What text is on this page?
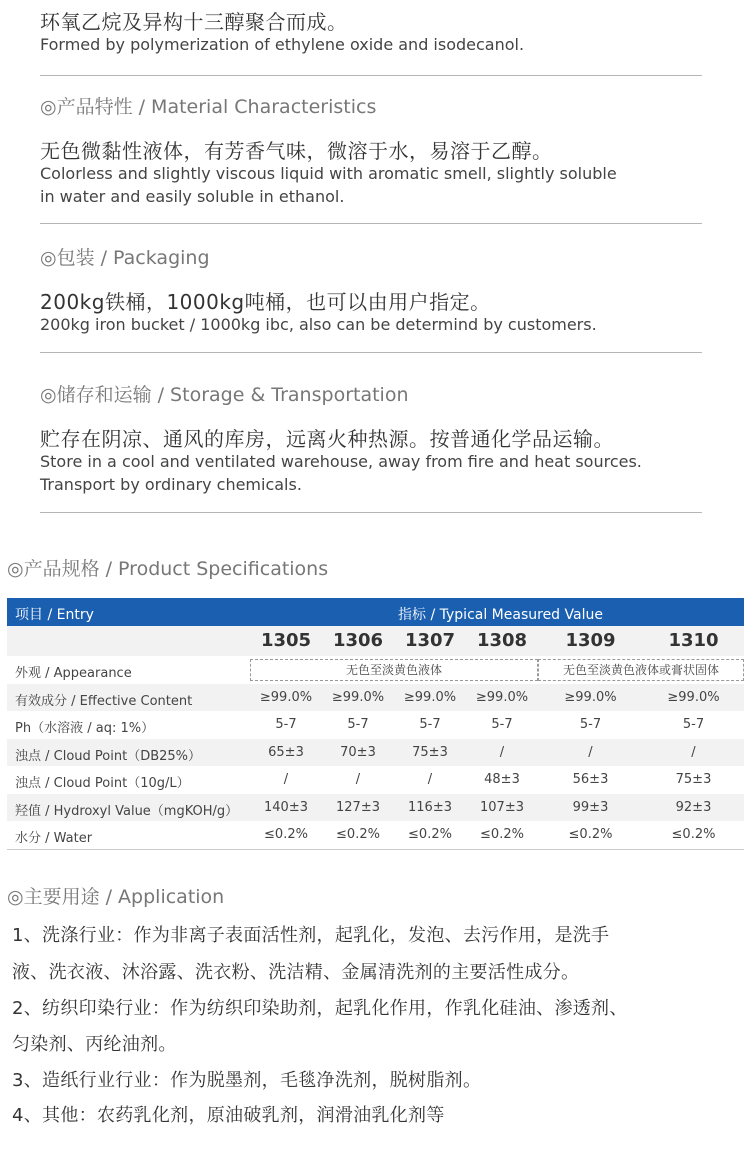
环氧乙烷及异构十三醇聚合而成。
Formed by polymerization of ethylene oxide and isodecanol.
◎产品特性 / Material Characteristics
无色微黏性液体，有芳香气味，微溶于水，易溶于乙醇。
Colorless and slightly viscous liquid with aromatic smell, slightly soluble
in water and easily soluble in ethanol.
◎包装 / Packaging
200kg铁桶，1000kg吨桶，也可以由用户指定。
200kg iron bucket / 1000kg ibc, also can be determind by customers.
◎储存和运输 / Storage & Transportation
贮存在阴凉、通风的库房，远离火种热源。按普通化学品运输。
Store in a cool and ventilated warehouse, away from fire and heat sources.
Transport by ordinary chemicals.
◎产品规格 / Product Specifications
项目 / Entry	指标 / Typical Measured Value
1305	1306	1307	1308	1309	1310
外观 / Appearance	无色至淡黄色液体	无色至淡黄色液体或膏状固体
有效成分 / Effective Content	≥99.0%	≥99.0%	≥99.0%	≥99.0%	≥99.0%	≥99.0%
Ph（水溶液 / aq: 1%）	5-7	5-7	5-7	5-7	5-7	5-7
浊点 / Cloud Point（DB25%）	65±3	70±3	75±3	/	/	/
浊点 / Cloud Point（10g/L）	/	/	/	48±3	56±3	75±3
羟值 / Hydroxyl Value（mgKOH/g）	140±3	127±3	116±3	107±3	99±3	92±3
水分 / Water	≤0.2%	≤0.2%	≤0.2%	≤0.2%	≤0.2%	≤0.2%
◎主要用途 / Application
1、洗涤行业：作为非离子表面活性剂，起乳化，发泡、去污作用，是洗手
液、洗衣液、沐浴露、洗衣粉、洗洁精、金属清洗剂的主要活性成分。
2、纺织印染行业：作为纺织印染助剂，起乳化作用，作乳化硅油、渗透剂、
匀染剂、丙纶油剂。
3、造纸行业行业：作为脱墨剂，毛毯净洗剂，脱树脂剂。
4、其他：农药乳化剂，原油破乳剂，润滑油乳化剂等
